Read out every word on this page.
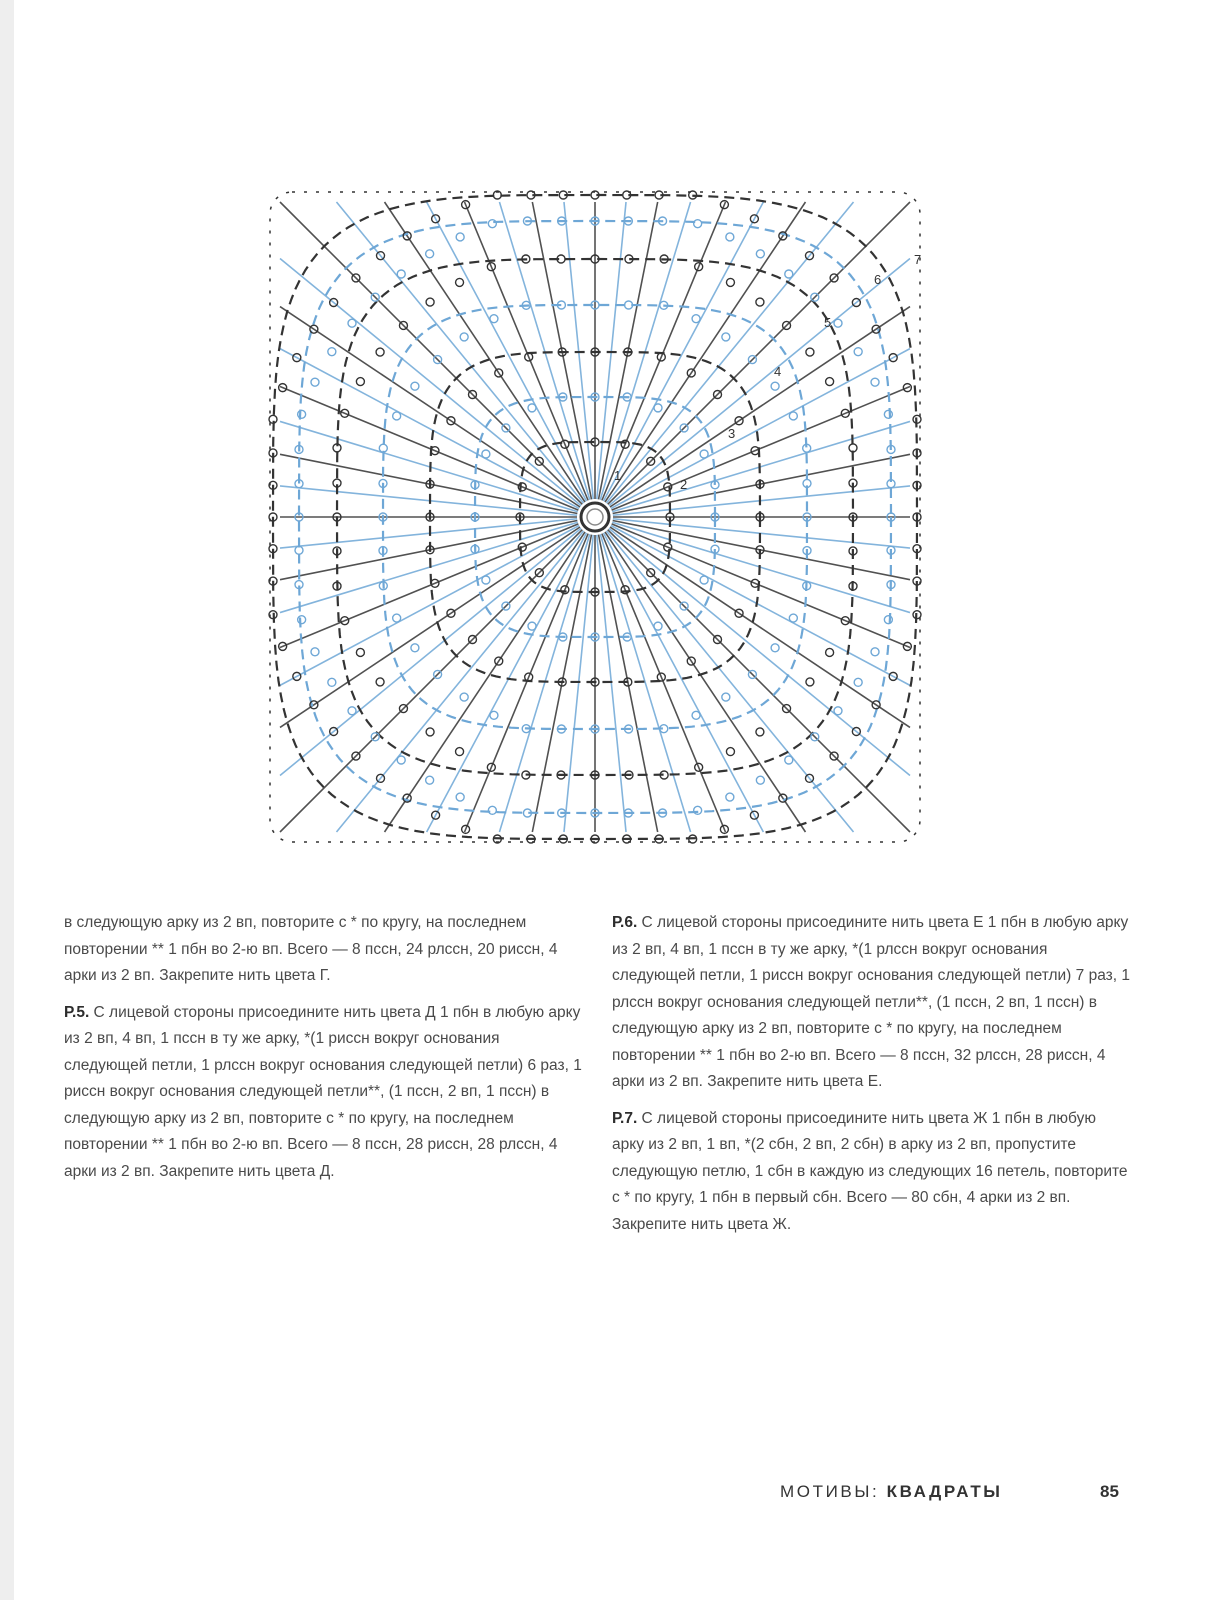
1
2
3
4
5
6
7

в следующую арку из 2 вп, повторите с * по кругу, на последнем повторении ** 1 пбн во 2-ю вп. Всего — 8 псcн, 24 рлссн, 20 риссн, 4 арки из 2 вп. Закрепите нить цвета Г.

Р.5. С лицевой стороны присоедините нить цвета Д 1 пбн в любую арку из 2 вп, 4 вп, 1 псcн в ту же арку, *(1 риссн вокруг основания следующей петли, 1 рлссн вокруг основания следующей петли) 6 раз, 1 риссн вокруг основания следующей петли**, (1 псcн, 2 вп, 1 псcн) в следующую арку из 2 вп, повторите с * по кругу, на последнем повторении ** 1 пбн во 2-ю вп. Всего — 8 псcн, 28 риссн, 28 рлссн, 4 арки из 2 вп. Закрепите нить цвета Д.

Р.6. С лицевой стороны присоедините нить цвета Е 1 пбн в любую арку из 2 вп, 4 вп, 1 псcн в ту же арку, *(1 рлссн вокруг основания следующей петли, 1 риссн вокруг основания следующей петли) 7 раз, 1 рлссн вокруг основания следующей петли**, (1 псcн, 2 вп, 1 псcн) в следующую арку из 2 вп, повторите с * по кругу, на последнем повторении ** 1 пбн во 2-ю вп. Всего — 8 псcн, 32 рлссн, 28 риссн, 4 арки из 2 вп. Закрепите нить цвета Е.

Р.7. С лицевой стороны присоедините нить цвета Ж 1 пбн в любую арку из 2 вп, 1 вп, *(2 сбн, 2 вп, 2 сбн) в арку из 2 вп, пропустите следующую петлю, 1 сбн в каждую из следующих 16 петель, повторите с * по кругу, 1 пбн в первый сбн. Всего — 80 сбн, 4 арки из 2 вп. Закрепите нить цвета Ж.

МОТИВЫ: КВАДРАТЫ	85
